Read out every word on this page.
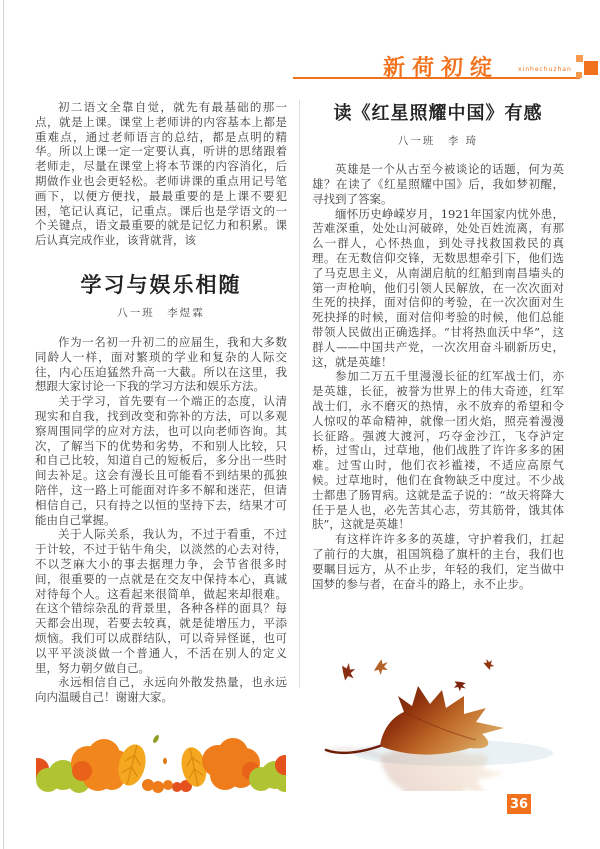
新荷初绽	xinhechuzhan

初二语文全靠自觉，就先有最基础的那一点，就是上课。课堂上老师讲的内容基本上都是重难点，通过老师语言的总结，都是点明的精华。所以上课一定一定要认真，听讲的思绪跟着老师走，尽量在课堂上将本节课的内容消化，后期做作业也会更轻松。老师讲课的重点用记号笔画下，以便方便找，最最重要的是上课不要犯困，笔记认真记，记重点。课后也是学语文的一个关键点，语文最重要的就是记忆力和积累。课后认真完成作业，该背就背，该

学习与娱乐相随
八一班　李煜霖

作为一名初一升初二的应届生，我和大多数同龄人一样，面对繁琐的学业和复杂的人际交往，内心压迫猛然升高一大截。所以在这里，我想跟大家讨论一下我的学习方法和娱乐方法。

关于学习，首先要有一个端正的态度，认清现实和自我，找到改变和弥补的方法，可以多观察周围同学的应对方法，也可以向老师咨询。其次，了解当下的优势和劣势，不和别人比较，只和自己比较，知道自己的短板后，多分出一些时间去补足。这会有漫长且可能看不到结果的孤独陪伴，这一路上可能面对许多不解和迷茫，但请相信自己，只有持之以恒的坚持下去，结果才可能由自己掌握。

关于人际关系，我认为，不过于看重，不过于计较，不过于钻牛角尖，以淡然的心去对待，不以芝麻大小的事去据理力争，会节省很多时间，很重要的一点就是在交友中保持本心，真诚对待每个人。这看起来很简单，做起来却很难。在这个错综杂乱的背景里，各种各样的面具？每天都会出现，若要去较真，就是徒增压力，平添烦恼。我们可以成群结队，可以奇异怪诞，也可以平平淡淡做一个普通人，不活在别人的定义里，努力朝夕做自己。

永远相信自己，永远向外散发热量，也永远向内温暖自己！谢谢大家。

读《红星照耀中国》有感
八一班　李 琦

英雄是一个从古至今被谈论的话题，何为英雄？在读了《红星照耀中国》后，我如梦初醒，寻找到了答案。

缅怀历史峥嵘岁月，1921年国家内忧外患，苦难深重，处处山河破碎，处处百姓流离，有那么一群人，心怀热血，到处寻找救国救民的真理。在无数信仰交锋，无数思想牵引下，他们选了马克思主义，从南湖启航的红船到南昌墙头的第一声枪响，他们引领人民解放，在一次次面对生死的抉择，面对信仰的考验，在一次次面对生死抉择的时候，面对信仰考验的时候，他们总能带领人民做出正确选择。“甘将热血沃中华”，这群人——中国共产党，一次次用奋斗刷新历史，这，就是英雄！

参加二万五千里漫漫长征的红军战士们，亦是英雄，长征，被誉为世界上的伟大奇迹，红军战士们，永不磨灭的热情，永不放弃的希望和令人惊叹的革命精神，就像一团火焰，照亮着漫漫长征路。强渡大渡河，巧夺金沙江，飞夺泸定桥，过雪山，过草地，他们战胜了许许多多的困难。过雪山时，他们衣衫褴褛，不适应高原气候。过草地时，他们在食物缺乏中度过。不少战士都患了肠胃病。这就是孟子说的：“故天将降大任于是人也，必先苦其心志，劳其筋骨，饿其体肤”，这就是英雄！

有这样许许多多的英雄，守护着我们，扛起了前行的大旗，祖国筑稳了旗杆的主台，我们也要瞩目远方，从不止步，年轻的我们，定当做中国梦的参与者，在奋斗的路上，永不止步。

36
